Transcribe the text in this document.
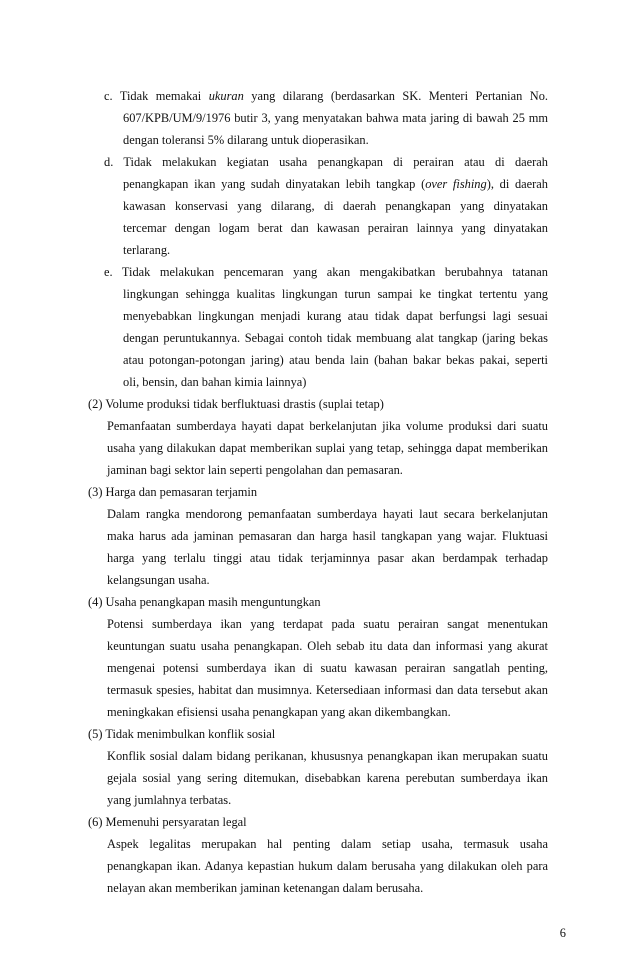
c. Tidak memakai ukuran yang dilarang (berdasarkan SK. Menteri Pertanian No.
607/KPB/UM/9/1976 butir 3, yang menyatakan bahwa mata jaring di bawah 25 mm
dengan toleransi 5% dilarang untuk dioperasikan.
d. Tidak melakukan kegiatan usaha penangkapan di perairan atau di daerah
penangkapan ikan yang sudah dinyatakan lebih tangkap (over fishing), di daerah
kawasan konservasi yang dilarang, di daerah penangkapan yang dinyatakan
tercemar dengan logam berat dan kawasan perairan lainnya yang dinyatakan
terlarang.
e. Tidak melakukan pencemaran yang akan mengakibatkan berubahnya tatanan
lingkungan sehingga kualitas lingkungan turun sampai ke tingkat tertentu yang
menyebabkan lingkungan menjadi kurang atau tidak dapat berfungsi lagi sesuai
dengan peruntukannya. Sebagai contoh tidak membuang alat tangkap (jaring bekas
atau potongan-potongan jaring) atau benda lain (bahan bakar bekas pakai, seperti
oli, bensin, dan bahan kimia lainnya)
(2) Volume produksi tidak berfluktuasi drastis (suplai tetap)
Pemanfaatan sumberdaya hayati dapat berkelanjutan jika volume produksi dari suatu
usaha yang dilakukan dapat memberikan suplai yang tetap, sehingga dapat memberikan
jaminan bagi sektor lain seperti pengolahan dan pemasaran.
(3) Harga dan pemasaran terjamin
Dalam rangka mendorong pemanfaatan sumberdaya hayati laut secara berkelanjutan
maka harus ada jaminan pemasaran dan harga hasil tangkapan yang wajar. Fluktuasi
harga yang terlalu tinggi atau tidak terjaminnya pasar akan berdampak terhadap
kelangsungan usaha.
(4) Usaha penangkapan masih menguntungkan
Potensi sumberdaya ikan yang terdapat pada suatu perairan sangat menentukan
keuntungan suatu usaha penangkapan. Oleh sebab itu data dan informasi yang akurat
mengenai potensi sumberdaya ikan di suatu kawasan perairan sangatlah penting,
termasuk spesies, habitat dan musimnya. Ketersediaan informasi dan data tersebut akan
meningkakan efisiensi usaha penangkapan yang akan dikembangkan.
(5) Tidak menimbulkan konflik sosial
Konflik sosial dalam bidang perikanan, khususnya penangkapan ikan merupakan suatu
gejala sosial yang sering ditemukan, disebabkan karena perebutan sumberdaya ikan
yang jumlahnya terbatas.
(6) Memenuhi persyaratan legal
Aspek legalitas merupakan hal penting dalam setiap usaha, termasuk usaha
penangkapan ikan. Adanya kepastian hukum dalam berusaha yang dilakukan oleh para
nelayan akan memberikan jaminan ketenangan dalam berusaha.
6
